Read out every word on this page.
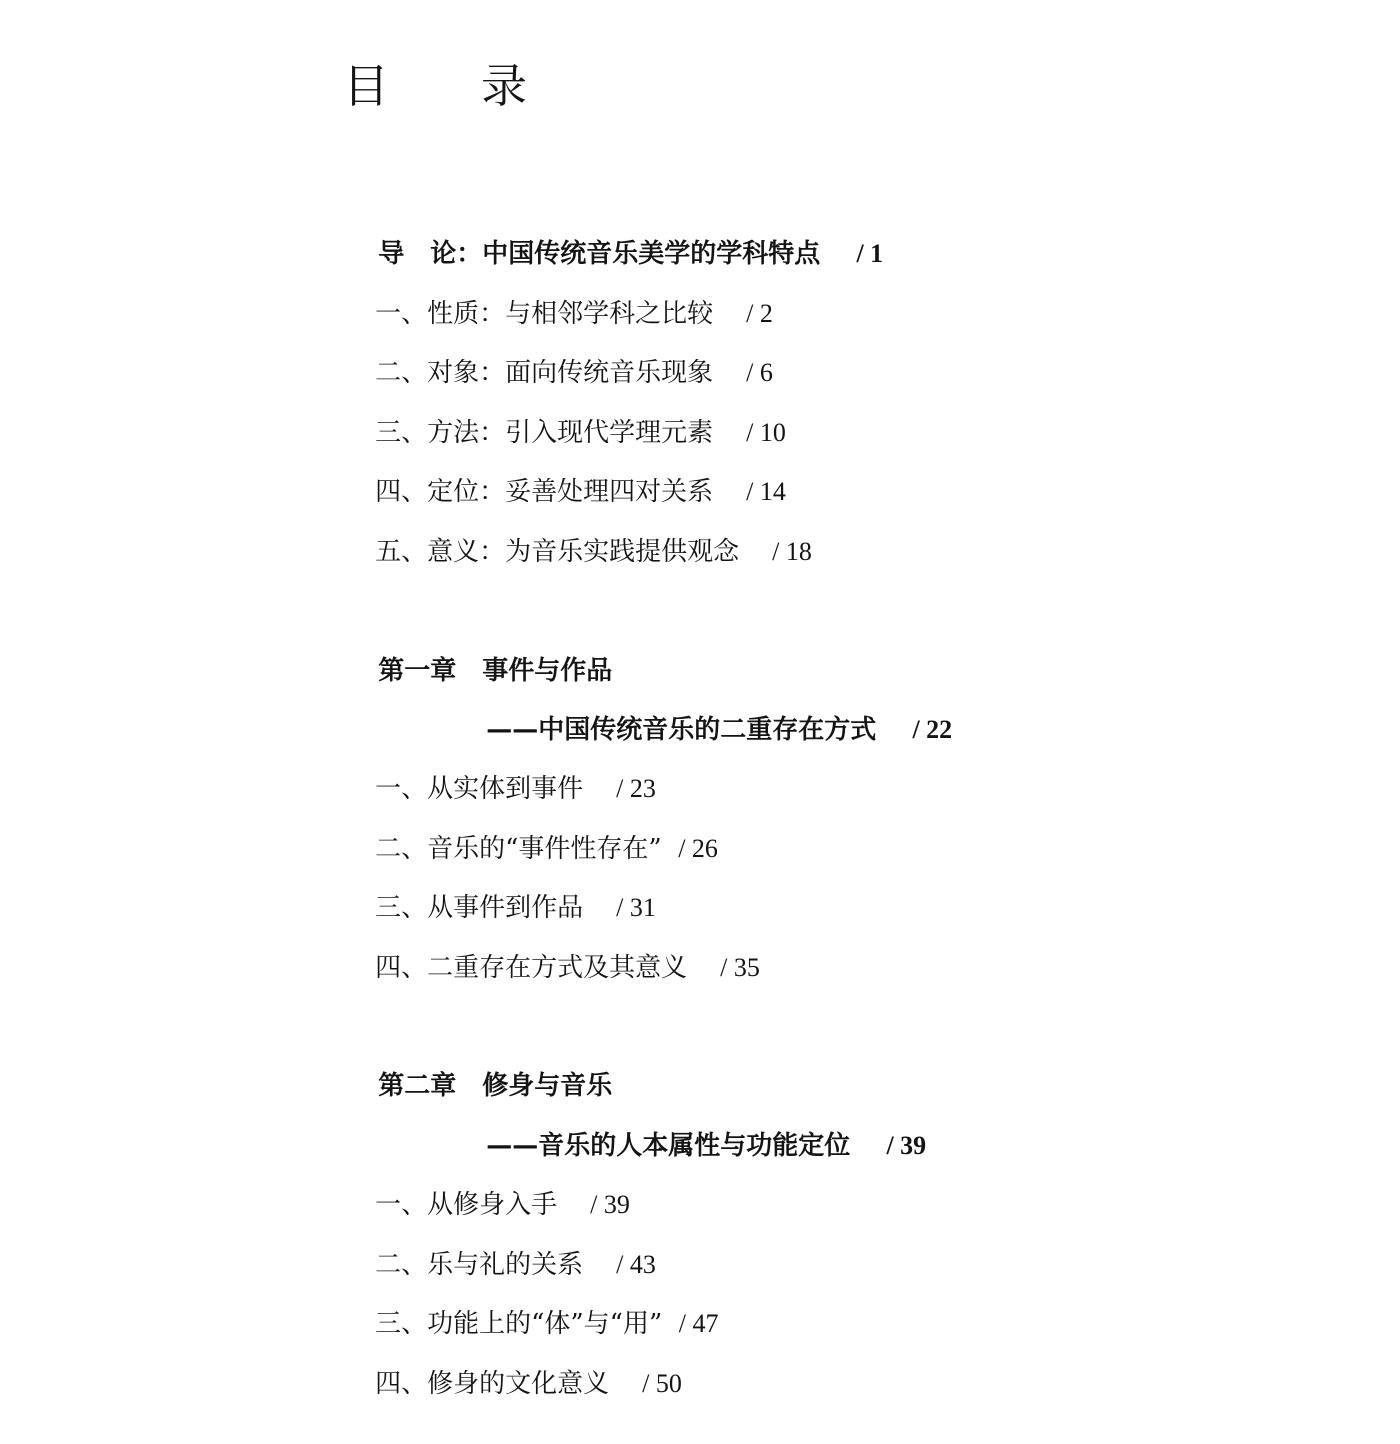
目　　录

导　论：中国传统音乐美学的学科特点 / 1

一、性质：与相邻学科之比较 / 2

二、对象：面向传统音乐现象 / 6

三、方法：引入现代学理元素 / 10

四、定位：妥善处理四对关系 / 14

五、意义：为音乐实践提供观念 / 18

第一章　事件与作品

——中国传统音乐的二重存在方式 / 22

一、从实体到事件 / 23

二、音乐的“事件性存在” / 26

三、从事件到作品 / 31

四、二重存在方式及其意义 / 35

第二章　修身与音乐

——音乐的人本属性与功能定位 / 39

一、从修身入手 / 39

二、乐与礼的关系 / 43

三、功能上的“体”与“用” / 47

四、修身的文化意义 / 50
